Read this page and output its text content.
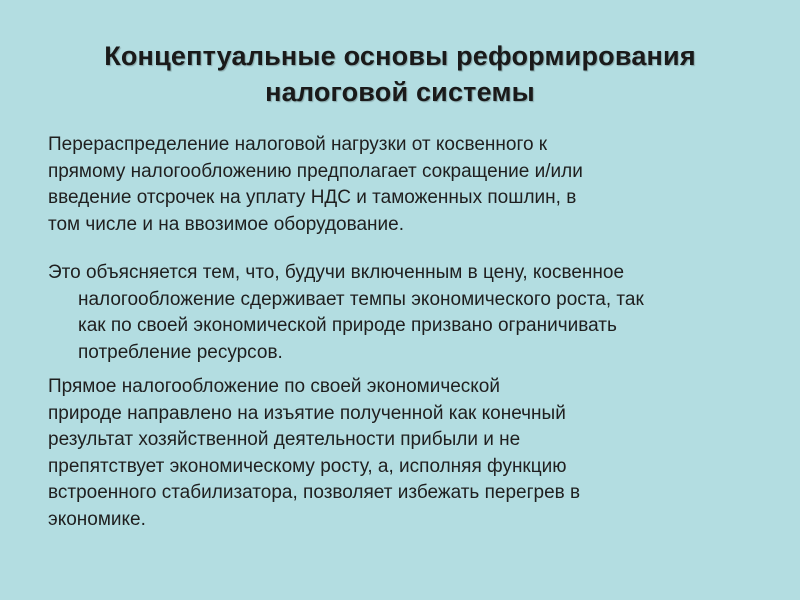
Концептуальные основы реформирования
налоговой системы

Перераспределение налоговой нагрузки от косвенного к
прямому налогообложению предполагает сокращение и/или
введение отсрочек на уплату НДС и таможенных пошлин, в
том числе и на ввозимое оборудование.

Это объясняется тем, что, будучи включенным в цену, косвенное
налогообложение сдерживает темпы экономического роста, так
как по своей экономической природе призвано ограничивать
потребление ресурсов.

Прямое налогообложение по своей экономической
природе направлено на изъятие полученной как конечный
результат хозяйственной деятельности прибыли и не
препятствует экономическому росту, а, исполняя функцию
встроенного стабилизатора, позволяет избежать перегрев в
экономике.
